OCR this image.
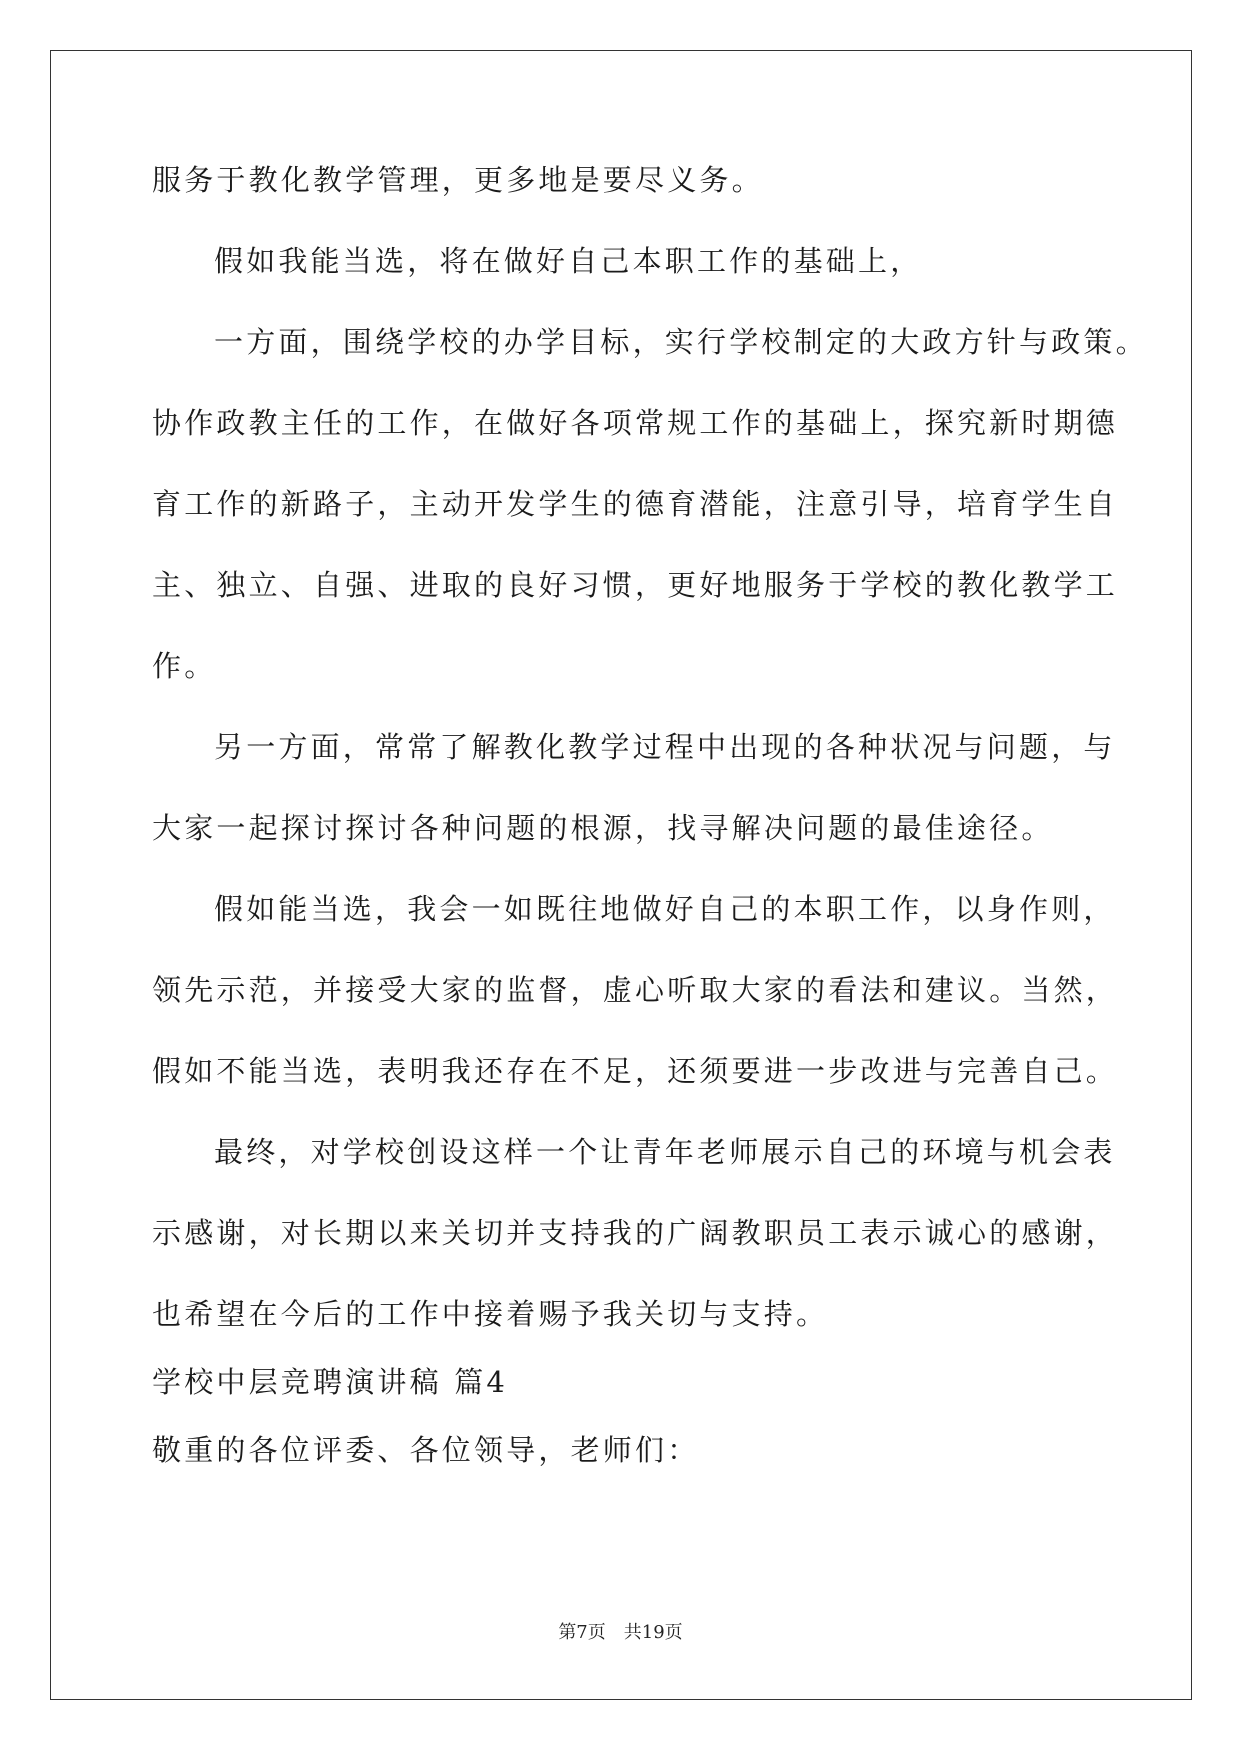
服务于教化教学管理，更多地是要尽义务。

假如我能当选，将在做好自己本职工作的基础上，

一方面，围绕学校的办学目标，实行学校制定的大政方针与政策。

协作政教主任的工作，在做好各项常规工作的基础上，探究新时期德

育工作的新路子，主动开发学生的德育潜能，注意引导，培育学生自

主、独立、自强、进取的良好习惯，更好地服务于学校的教化教学工

作。

另一方面，常常了解教化教学过程中出现的各种状况与问题，与

大家一起探讨探讨各种问题的根源，找寻解决问题的最佳途径。

假如能当选，我会一如既往地做好自己的本职工作，以身作则，

领先示范，并接受大家的监督，虚心听取大家的看法和建议。当然，

假如不能当选，表明我还存在不足，还须要进一步改进与完善自己。

最终，对学校创设这样一个让青年老师展示自己的环境与机会表

示感谢，对长期以来关切并支持我的广阔教职员工表示诚心的感谢，

也希望在今后的工作中接着赐予我关切与支持。

学校中层竞聘演讲稿 篇4

敬重的各位评委、各位领导，老师们：

第7页 共19页
